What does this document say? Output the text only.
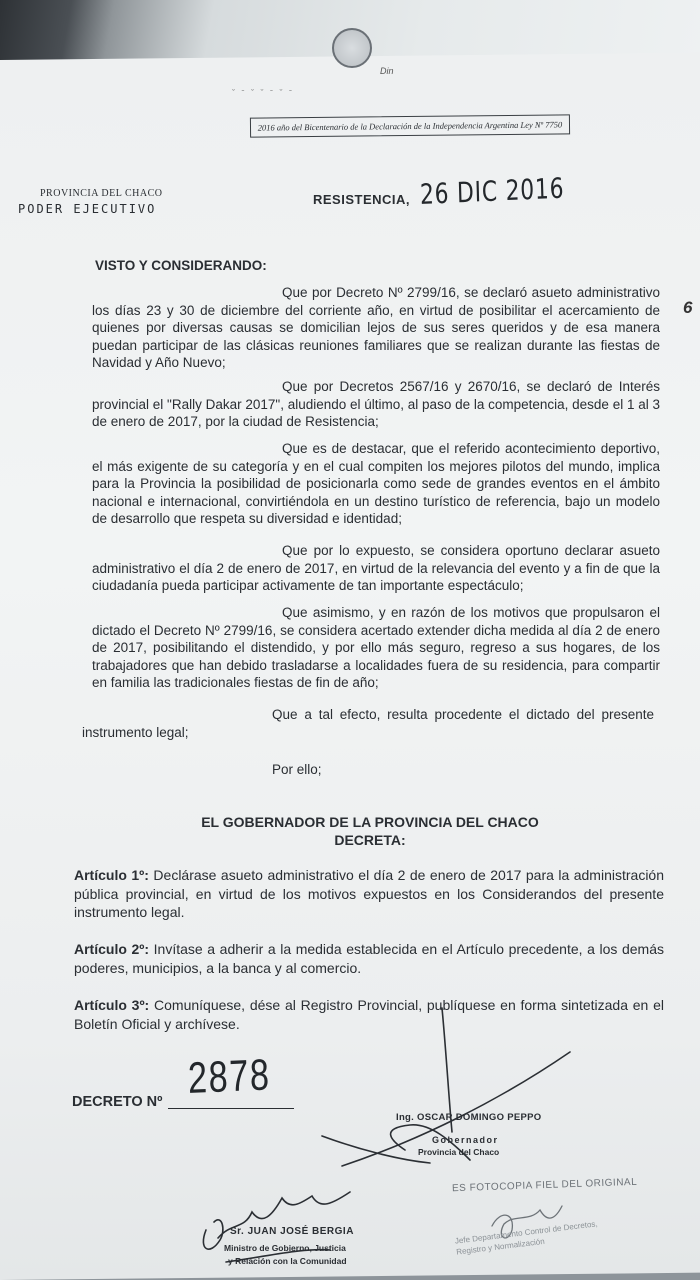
Din
ˇ ˉ ˇ ˇ ˉ ˇ ˉ
2016 año del Bicentenario de la Declaración de la Independencia Argentina Ley Nº 7750
PROVINCIA DEL CHACO
PODER EJECUTIVO
RESISTENCIA, 26 DIC 2016
VISTO Y CONSIDERANDO:
6
Que por Decreto Nº 2799/16, se declaró asueto administrativo los días 23 y 30 de diciembre del corriente año, en virtud de posibilitar el acercamiento de quienes por diversas causas se domicilian lejos de sus seres queridos y de esa manera puedan participar de las clásicas reuniones familiares que se realizan durante las fiestas de Navidad y Año Nuevo;
Que por Decretos 2567/16 y 2670/16, se declaró de Interés provincial el "Rally Dakar 2017", aludiendo el último, al paso de la competencia, desde el 1 al 3 de enero de 2017, por la ciudad de Resistencia;
Que es de destacar, que el referido acontecimiento deportivo, el más exigente de su categoría y en el cual compiten los mejores pilotos del mundo, implica para la Provincia la posibilidad de posicionarla como sede de grandes eventos en el ámbito nacional e internacional, convirtiéndola en un destino turístico de referencia, bajo un modelo de desarrollo que respeta su diversidad e identidad;
Que por lo expuesto, se considera oportuno declarar asueto administrativo el día 2 de enero de 2017, en virtud de la relevancia del evento y a fin de que la ciudadanía pueda participar activamente de tan importante espectáculo;
Que asimismo, y en razón de los motivos que propulsaron el dictado el Decreto Nº 2799/16, se considera acertado extender dicha medida al día 2 de enero de 2017, posibilitando el distendido, y por ello más seguro, regreso a sus hogares, de los trabajadores que han debido trasladarse a localidades fuera de su residencia, para compartir en familia las tradicionales fiestas de fin de año;
Que a tal efecto, resulta procedente el dictado del presente instrumento legal;
Por ello;
EL GOBERNADOR DE LA PROVINCIA DEL CHACO
DECRETA:
Artículo 1º: Declárase asueto administrativo el día 2 de enero de 2017 para la administración pública provincial, en virtud de los motivos expuestos en los Considerandos del presente instrumento legal.
Artículo 2º: Invítase a adherir a la medida establecida en el Artículo precedente, a los demás poderes, municipios, a la banca y al comercio.
Artículo 3º: Comuníquese, dése al Registro Provincial, publíquese en forma sintetizada en el Boletín Oficial y archívese.
DECRETO Nº 2878
Ing. OSCAR DOMINGO PEPPO
Gobernador
Provincia del Chaco
ES FOTOCOPIA FIEL DEL ORIGINAL
Jefe Departamento Control de Decretos, Registro y Normalización
Sr. JUAN JOSÉ BERGIA
Ministro de Gobierno, Justicia
y Relación con la Comunidad
